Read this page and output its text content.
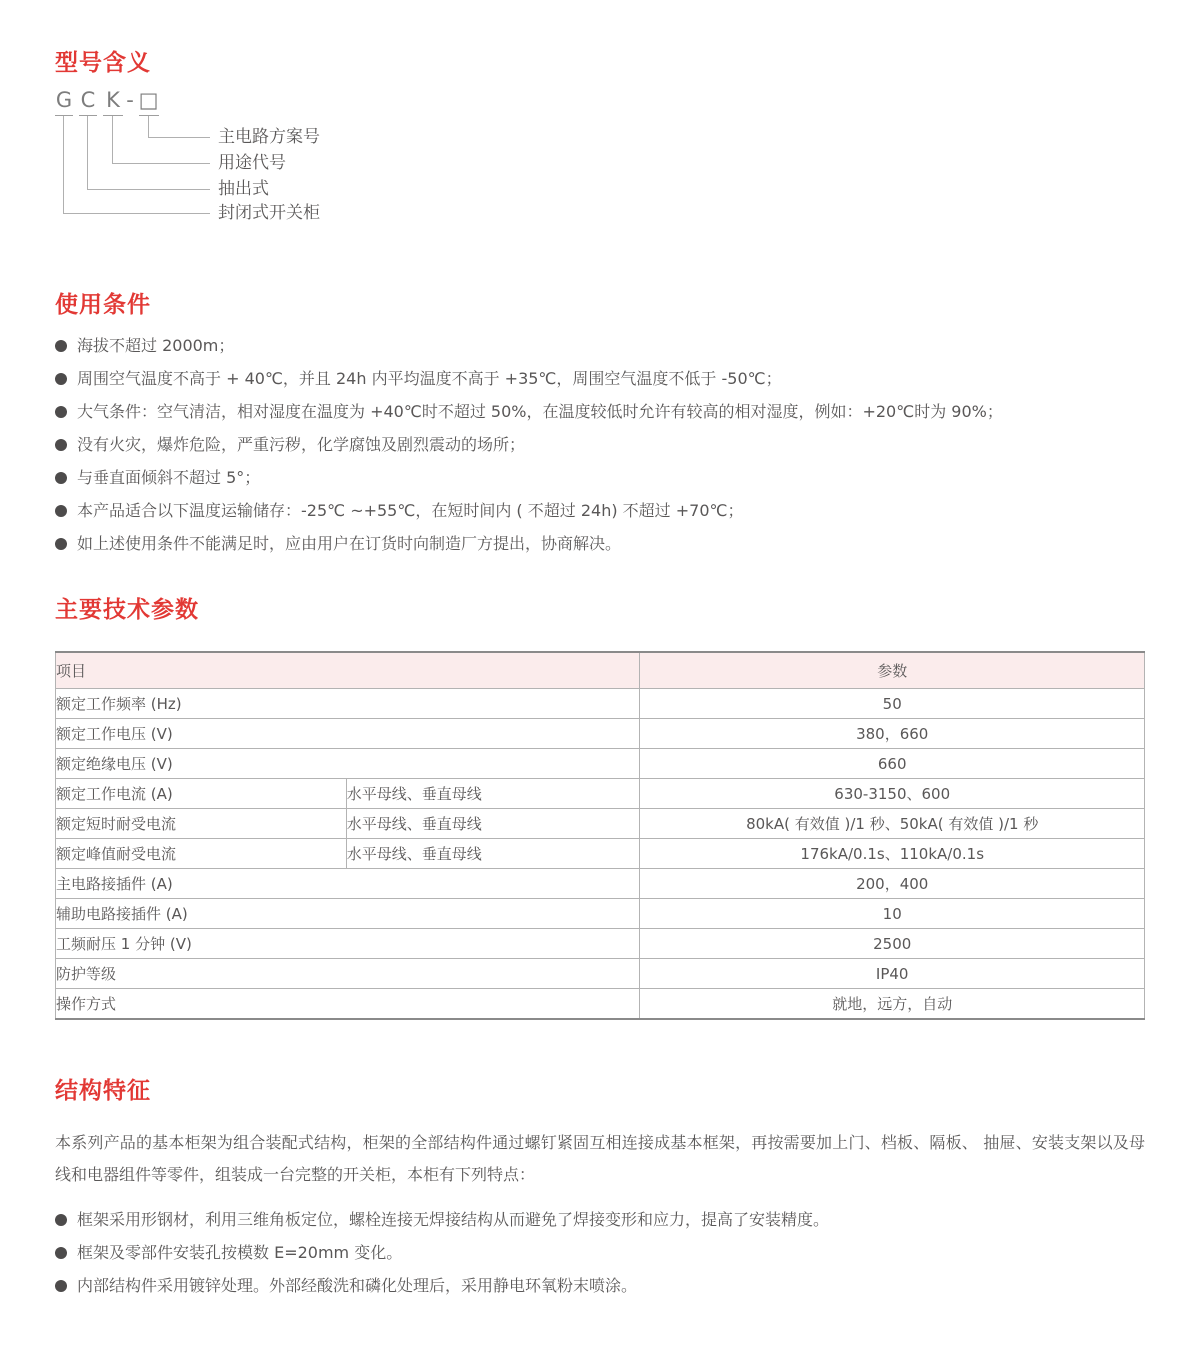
型号含义
G C K - □
主电路方案号
用途代号
抽出式
封闭式开关柜
使用条件
海拔不超过 2000m；
周围空气温度不高于 + 40℃，并且 24h 内平均温度不高于 +35℃，周围空气温度不低于 -50℃；
大气条件：空气清洁，相对湿度在温度为 +40℃时不超过 50%，在温度较低时允许有较高的相对湿度，例如：+20℃时为 90%；
没有火灾，爆炸危险，严重污秽，化学腐蚀及剧烈震动的场所；
与垂直面倾斜不超过 5°；
本产品适合以下温度运输储存：-25℃ ~+55℃，在短时间内 ( 不超过 24h) 不超过 +70℃；
如上述使用条件不能满足时，应由用户在订货时向制造厂方提出，协商解决。
主要技术参数
项目		参数
额定工作频率 (Hz)		50
额定工作电压 (V)		380，660
额定绝缘电压 (V)		660
额定工作电流 (A)	水平母线、垂直母线	630-3150、600
额定短时耐受电流	水平母线、垂直母线	80kA( 有效值 )/1 秒、50kA( 有效值 )/1 秒
额定峰值耐受电流	水平母线、垂直母线	176kA/0.1s、110kA/0.1s
主电路接插件 (A)		200，400
辅助电路接插件 (A)		10
工频耐压 1 分钟 (V)		2500
防护等级		IP40
操作方式		就地，远方，自动
结构特征
本系列产品的基本柜架为组合装配式结构，柜架的全部结构件通过螺钉紧固互相连接成基本框架，再按需要加上门、档板、隔板、 抽屉、安装支架以及母线和电器组件等零件，组装成一台完整的开关柜，本柜有下列特点：
框架采用形钢材，利用三维角板定位，螺栓连接无焊接结构从而避免了焊接变形和应力，提高了安装精度。
框架及零部件安装孔按模数 E=20mm 变化。
内部结构件采用镀锌处理。外部经酸洗和磷化处理后，采用静电环氧粉末喷涂。
